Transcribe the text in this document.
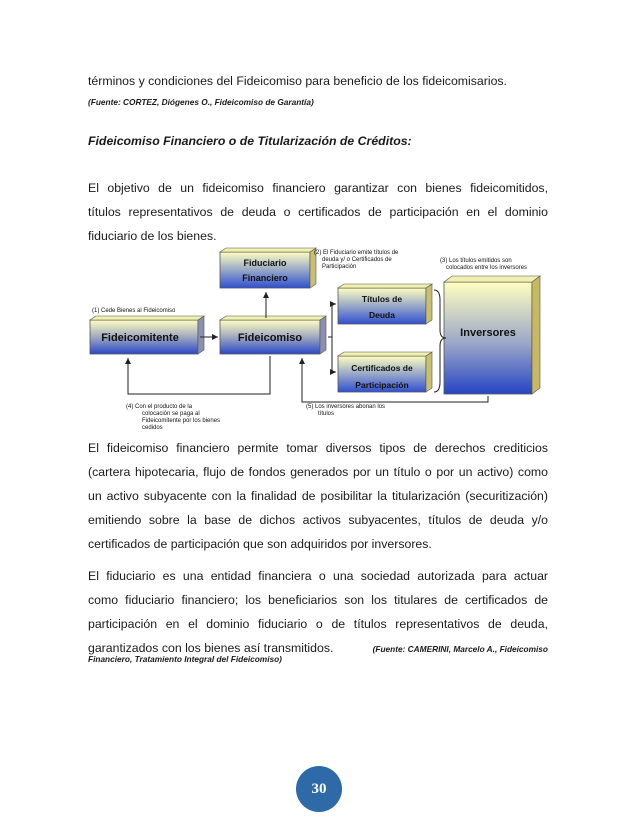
términos y condiciones del Fideicomiso para beneficio de los fideicomisarios.
(Fuente: CORTEZ, Diógenes O., Fideicomiso de Garantía)
Fideicomiso Financiero o de Titularización de Créditos:
El objetivo de un fideicomiso financiero garantizar con bienes fideicomitidos,
títulos representativos de deuda o certificados de participación en el dominio
fiduciario de los bienes.
Fiduciario
Financiero
Fideicomitente	Fideicomiso
Títulos de
Deuda
Certificados de
Participación
Inversores
(1) Cede Bienes al Fideicomiso
(2) El Fiduciario emite títulos de
deuda y/ o Certificados de
Participación
(3) Los títulos emitidos son
colocados entre los inversores
(4) Con el producto de la
colocación se paga al
Fideicomitente por los bienes
cedidos
(5) Los inversores abonan los
títulos
El fideicomiso financiero permite tomar diversos tipos de derechos crediticios
(cartera hipotecaria, flujo de fondos generados por un título o por un activo) como
un activo subyacente con la finalidad de posibilitar la titularización (securitización)
emitiendo sobre la base de dichos activos subyacentes, títulos de deuda y/o
certificados de participación que son adquiridos por inversores.
El fiduciario es una entidad financiera o una sociedad autorizada para actuar
como fiduciario financiero; los beneficiarios son los titulares de certificados de
participación en el dominio fiduciario o de títulos representativos de deuda,
garantizados con los bienes así transmitidos.	(Fuente: CAMERINI, Marcelo A., Fideicomiso
Financiero, Tratamiento Integral del Fideicomiso)
30
